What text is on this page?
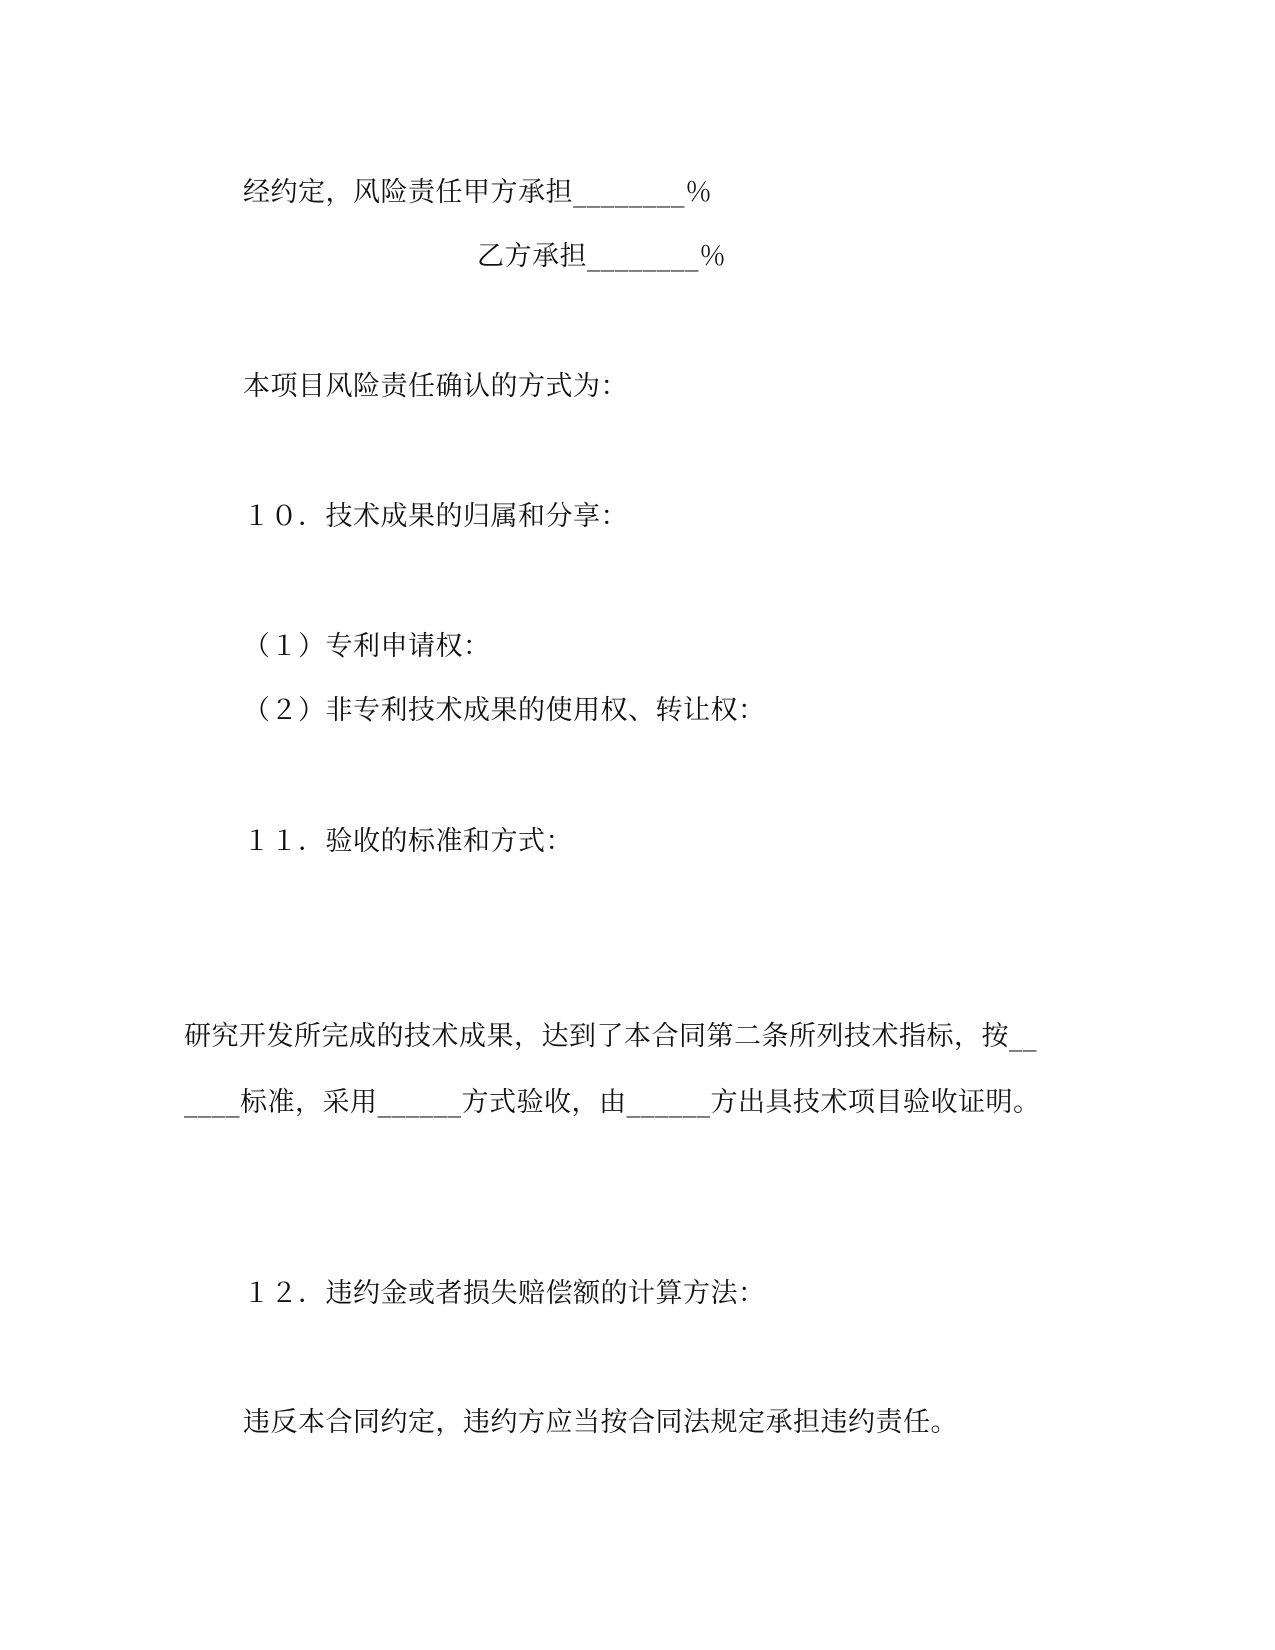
经约定，风险责任甲方承担________％
乙方承担________％
本项目风险责任确认的方式为：
１０．技术成果的归属和分享：
（１）专利申请权：
（２）非专利技术成果的使用权、转让权：
１１．验收的标准和方式：
研究开发所完成的技术成果，达到了本合同第二条所列技术指标，按__
____标准，采用______方式验收，由______方出具技术项目验收证明。
１２．违约金或者损失赔偿额的计算方法：
违反本合同约定，违约方应当按合同法规定承担违约责任。
